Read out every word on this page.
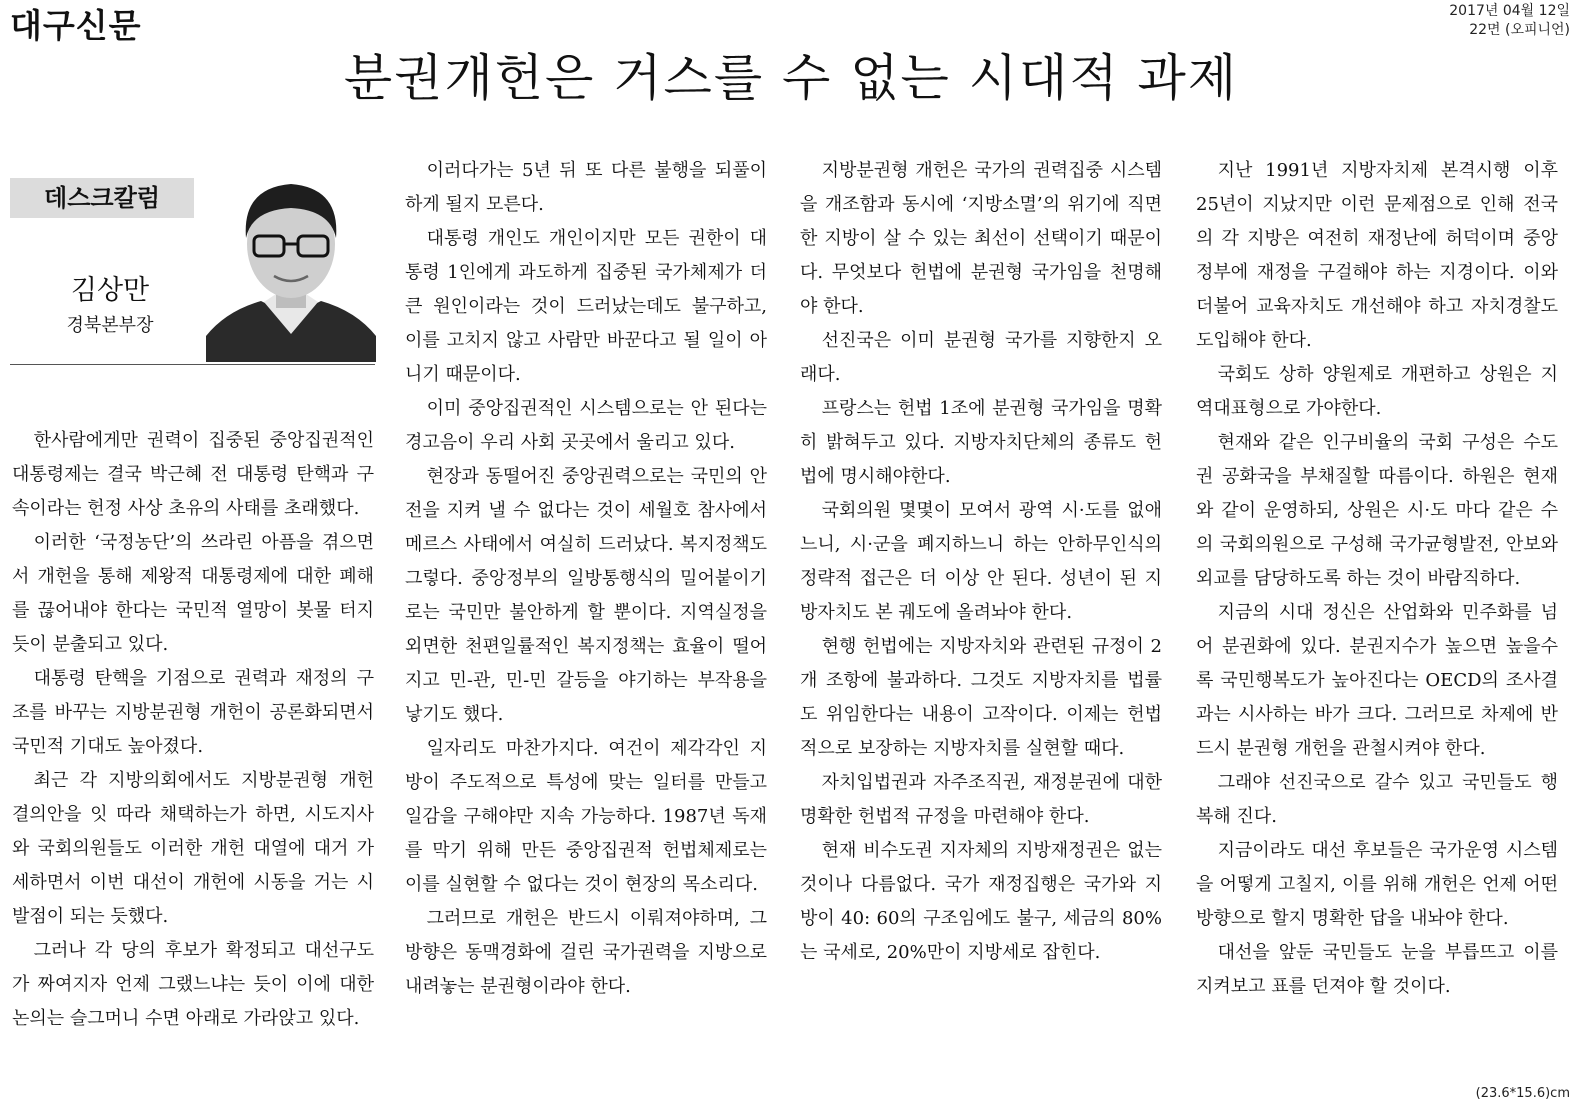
대구신문	2017년 04월 12일
22면 (오피니언)
분권개헌은 거스를 수 없는 시대적 과제
데스크칼럼
김상만
경북본부장

한사람에게만 권력이 집중된 중앙집권적인 대통령제는 결국 박근혜 전 대통령 탄핵과 구속이라는 헌정 사상 초유의 사태를 초래했다.

이러한 ‘국정농단’의 쓰라린 아픔을 겪으면서 개헌을 통해 제왕적 대통령제에 대한 폐해를 끊어내야 한다는 국민적 열망이 봇물 터지듯이 분출되고 있다.

대통령 탄핵을 기점으로 권력과 재정의 구조를 바꾸는 지방분권형 개헌이 공론화되면서 국민적 기대도 높아졌다.

최근 각 지방의회에서도 지방분권형 개헌 결의안을 잇 따라 채택하는가 하면, 시도지사와 국회의원들도 이러한 개헌 대열에 대거 가세하면서 이번 대선이 개헌에 시동을 거는 시발점이 되는 듯했다.

그러나 각 당의 후보가 확정되고 대선구도가 짜여지자 언제 그랬느냐는 듯이 이에 대한 논의는 슬그머니 수면 아래로 가라앉고 있다.

이러다가는 5년 뒤 또 다른 불행을 되풀이하게 될지 모른다.

대통령 개인도 개인이지만 모든 권한이 대통령 1인에게 과도하게 집중된 국가체제가 더 큰 원인이라는 것이 드러났는데도 불구하고, 이를 고치지 않고 사람만 바꾼다고 될 일이 아니기 때문이다.

이미 중앙집권적인 시스템으로는 안 된다는 경고음이 우리 사회 곳곳에서 울리고 있다.

현장과 동떨어진 중앙권력으로는 국민의 안전을 지켜 낼 수 없다는 것이 세월호 참사에서 메르스 사태에서 여실히 드러났다. 복지정책도 그렇다. 중앙정부의 일방통행식의 밀어붙이기로는 국민만 불안하게 할 뿐이다. 지역실정을 외면한 천편일률적인 복지정책는 효율이 떨어지고 민-관, 민-민 갈등을 야기하는 부작용을 낳기도 했다.

일자리도 마찬가지다. 여건이 제각각인 지방이 주도적으로 특성에 맞는 일터를 만들고 일감을 구해야만 지속 가능하다. 1987년 독재를 막기 위해 만든 중앙집권적 헌법체제로는 이를 실현할 수 없다는 것이 현장의 목소리다.

그러므로 개헌은 반드시 이뤄져야하며, 그 방향은 동맥경화에 걸린 국가권력을 지방으로 내려놓는 분권형이라야 한다.

지방분권형 개헌은 국가의 권력집중 시스템을 개조함과 동시에 ‘지방소멸’의 위기에 직면한 지방이 살 수 있는 최선이 선택이기 때문이다. 무엇보다 헌법에 분권형 국가임을 천명해야 한다.

선진국은 이미 분권형 국가를 지향한지 오래다.

프랑스는 헌법 1조에 분권형 국가임을 명확히 밝혀두고 있다. 지방자치단체의 종류도 헌법에 명시해야한다.

국회의원 몇몇이 모여서 광역 시·도를 없애느니, 시·군을 폐지하느니 하는 안하무인식의 정략적 접근은 더 이상 안 된다. 성년이 된 지방자치도 본 궤도에 올려놔야 한다.

현행 헌법에는 지방자치와 관련된 규정이 2개 조항에 불과하다. 그것도 지방자치를 법률도 위임한다는 내용이 고작이다. 이제는 헌법적으로 보장하는 지방자치를 실현할 때다.

자치입법권과 자주조직권, 재정분권에 대한 명확한 헌법적 규정을 마련해야 한다.

현재 비수도권 지자체의 지방재정권은 없는 것이나 다름없다. 국가 재정집행은 국가와 지방이 40: 60의 구조임에도 불구, 세금의 80%는 국세로, 20%만이 지방세로 잡힌다.

지난 1991년 지방자치제 본격시행 이후 25년이 지났지만 이런 문제점으로 인해 전국의 각 지방은 여전히 재정난에 허덕이며 중앙정부에 재정을 구걸해야 하는 지경이다. 이와 더불어 교육자치도 개선해야 하고 자치경찰도 도입해야 한다.

국회도 상하 양원제로 개편하고 상원은 지역대표형으로 가야한다.

현재와 같은 인구비율의 국회 구성은 수도권 공화국을 부채질할 따름이다. 하원은 현재와 같이 운영하되, 상원은 시·도 마다 같은 수의 국회의원으로 구성해 국가균형발전, 안보와 외교를 담당하도록 하는 것이 바람직하다.

지금의 시대 정신은 산업화와 민주화를 넘어 분권화에 있다. 분권지수가 높으면 높을수록 국민행복도가 높아진다는 OECD의 조사결과는 시사하는 바가 크다. 그러므로 차제에 반드시 분권형 개헌을 관철시켜야 한다.

그래야 선진국으로 갈수 있고 국민들도 행복해 진다.

지금이라도 대선 후보들은 국가운영 시스템을 어떻게 고칠지, 이를 위해 개헌은 언제 어떤 방향으로 할지 명확한 답을 내놔야 한다.

대선을 앞둔 국민들도 눈을 부릅뜨고 이를 지켜보고 표를 던져야 할 것이다.

(23.6*15.6)cm
